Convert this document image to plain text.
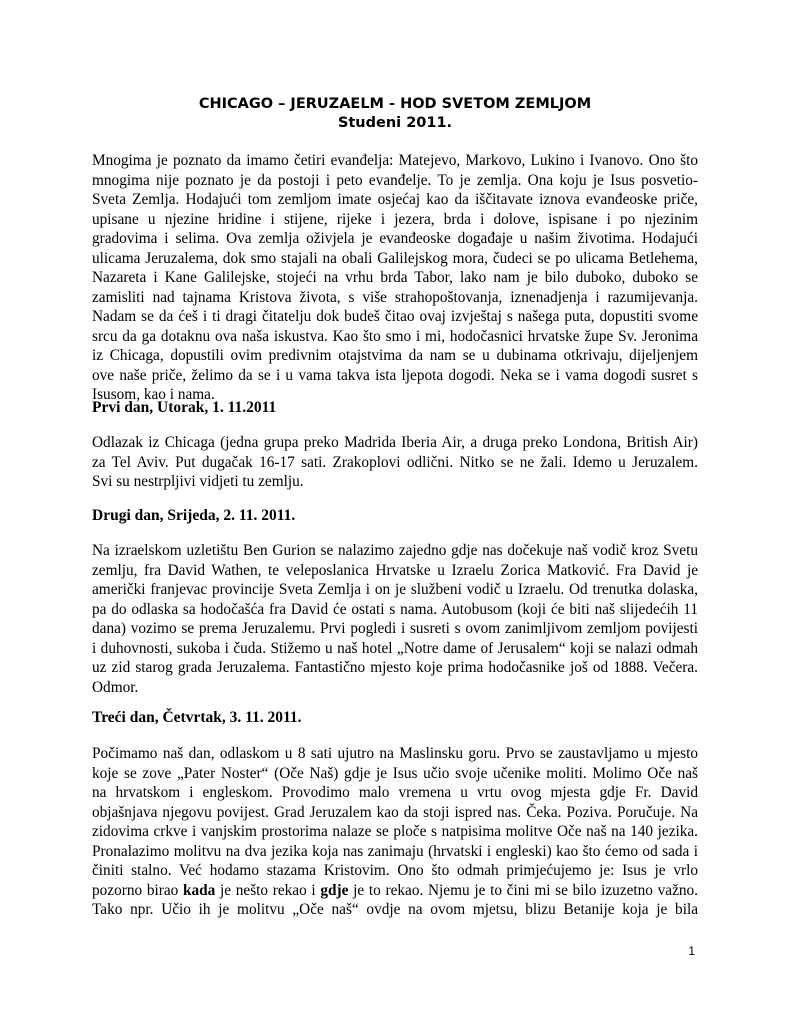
CHICAGO – JERUZAELM - HOD SVETOM ZEMLJOM
Studeni 2011.
Mnogima je poznato da imamo četiri evanđelja: Matejevo, Markovo, Lukino i Ivanovo. Ono što
mnogima nije poznato je da postoji i peto evanđelje. To je zemlja. Ona koju je Isus posvetio-
Sveta Zemlja. Hodajući tom zemljom imate osjećaj kao da iščitavate iznova evanđeoske priče,
upisane u njezine hridine i stijene, rijeke i jezera, brda i dolove, ispisane i po njezinim
gradovima i selima. Ova zemlja oživjela je evanđeoske događaje u našim životima. Hodajući
ulicama Jeruzalema, dok smo stajali na obali Galilejskog mora, čudeci se po ulicama Betlehema,
Nazareta i Kane Galilejske, stojeći na vrhu brda Tabor, lako nam je bilo duboko, duboko se
zamisliti nad tajnama Kristova života, s više strahopoštovanja, iznenadjenja i razumijevanja.
Nadam se da ćeš i ti dragi čitatelju dok budeš čitao ovaj izvještaj s našega puta, dopustiti svome
srcu da ga dotaknu ova naša iskustva. Kao što smo i mi, hodočasnici hrvatske župe Sv. Jeronima
iz Chicaga, dopustili ovim predivnim otajstvima da nam se u dubinama otkrivaju, dijeljenjem
ove naše priče, želimo da se i u vama takva ista ljepota dogodi. Neka se i vama dogodi susret s
Isusom, kao i nama.
Prvi dan, Utorak, 1. 11.2011
Odlazak iz Chicaga (jedna grupa preko Madrida Iberia Air, a druga preko Londona, British Air)
za Tel Aviv. Put dugačak 16-17 sati. Zrakoplovi odlični. Nitko se ne žali. Idemo u Jeruzalem.
Svi su nestrpljivi vidjeti tu zemlju.
Drugi dan, Srijeda, 2. 11. 2011.
Na izraelskom uzletištu Ben Gurion se nalazimo zajedno gdje nas dočekuje naš vodič kroz Svetu
zemlju, fra David Wathen, te veleposlanica Hrvatske u Izraelu Zorica Matković. Fra David je
američki franjevac provincije Sveta Zemlja i on je službeni vodič u Izraelu. Od trenutka dolaska,
pa do odlaska sa hodočašća fra David će ostati s nama. Autobusom (koji će biti naš slijedećih 11
dana) vozimo se prema Jeruzalemu. Prvi pogledi i susreti s ovom zanimljivom zemljom povijesti
i duhovnosti, sukoba i čuda. Stižemo u naš hotel „Notre dame of Jerusalem“ koji se nalazi odmah
uz zid starog grada Jeruzalema. Fantastično mjesto koje prima hodočasnike još od 1888. Večera.
Odmor.
Treći dan, Četvrtak, 3. 11. 2011.
Počimamo naš dan, odlaskom u 8 sati ujutro na Maslinsku goru. Prvo se zaustavljamo u mjesto
koje se zove „Pater Noster“ (Oče Naš) gdje je Isus učio svoje učenike moliti. Molimo Oče naš
na hrvatskom i engleskom. Provodimo malo vremena u vrtu ovog mjesta gdje Fr. David
objašnjava njegovu povijest. Grad Jeruzalem kao da stoji ispred nas. Čeka. Poziva. Poručuje. Na
zidovima crkve i vanjskim prostorima nalaze se ploče s natpisima molitve Oče naš na 140 jezika.
Pronalazimo molitvu na dva jezika koja nas zanimaju (hrvatski i engleski) kao što ćemo od sada i
činiti stalno. Već hodamo stazama Kristovim. Ono što odmah primjećujemo je: Isus je vrlo
pozorno birao kada je nešto rekao i gdje je to rekao. Njemu je to čini mi se bilo izuzetno važno.
Tako npr. Učio ih je molitvu „Oče naš“ ovdje na ovom mjetsu, blizu Betanije koja je bila
1
